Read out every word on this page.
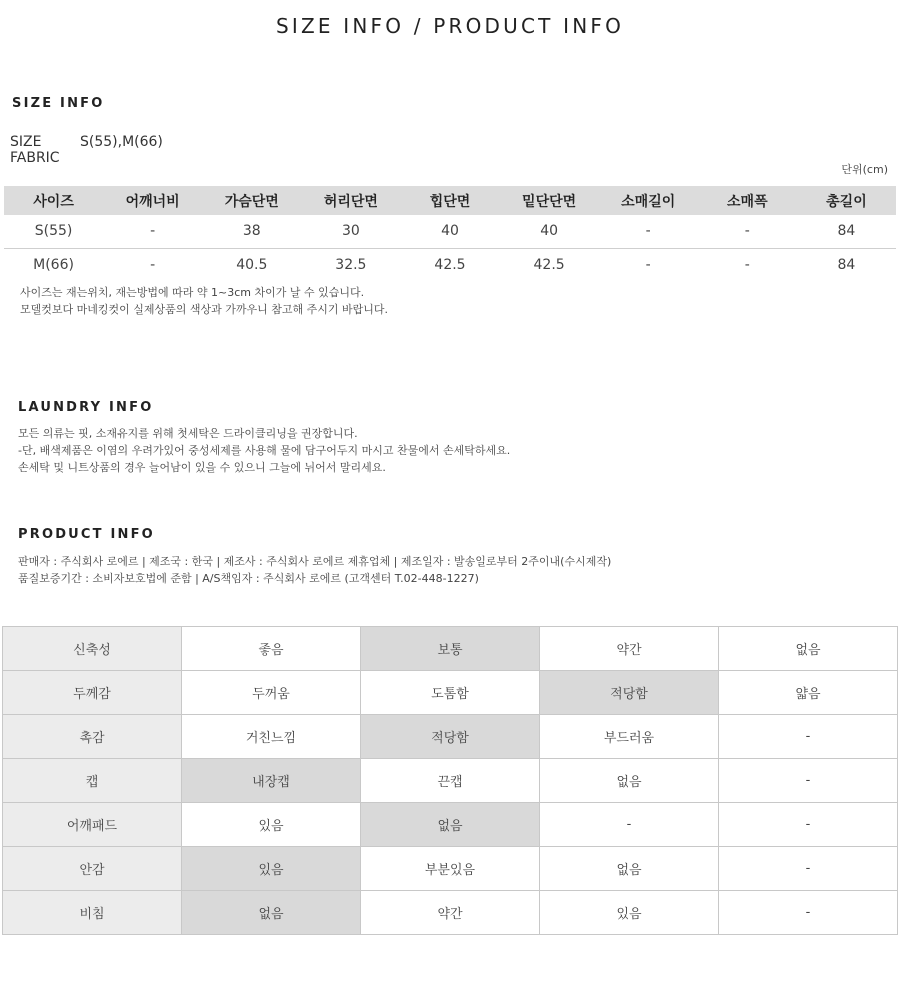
SIZE INFO / PRODUCT INFO
SIZE INFO
SIZE	S(55),M(66)
FABRIC
단위(cm)
사이즈	어깨너비	가슴단면	허리단면	힙단면	밑단단면	소매길이	소매폭	총길이
S(55)	-	38	30	40	40	-	-	84
M(66)	-	40.5	32.5	42.5	42.5	-	-	84

사이즈는 재는위치, 재는방법에 따라 약 1~3cm 차이가 날 수 있습니다.

모델컷보다 마네킹컷이 실제상품의 색상과 가까우니 참고해 주시기 바랍니다.

LAUNDRY INFO

모든 의류는 핏, 소재유지를 위해 첫세탁은 드라이클리닝을 권장합니다.

-단, 배색제품은 이염의 우려가있어 중성세제를 사용해 물에 담구어두지 마시고 찬물에서 손세탁하세요.

손세탁 및 니트상품의 경우 늘어남이 있을 수 있으니 그늘에 뉘어서 말리세요.

PRODUCT INFO

판매자 : 주식회사 로에르 | 제조국 : 한국 | 제조사 : 주식회사 로에르 제휴업체 | 제조일자 : 발송일로부터 2주이내(수시제작)

품질보증기간 : 소비자보호법에 준함 | A/S책임자 : 주식회사 로에르 (고객센터 T.02-448-1227)

신축성	좋음	보통	약간	없음
두께감	두꺼움	도톰함	적당함	얇음
촉감	거친느낌	적당함	부드러움	-
캡	내장캡	끈캡	없음	-
어깨패드	있음	없음	-	-
안감	있음	부분있음	없음	-
비침	없음	약간	있음	-
